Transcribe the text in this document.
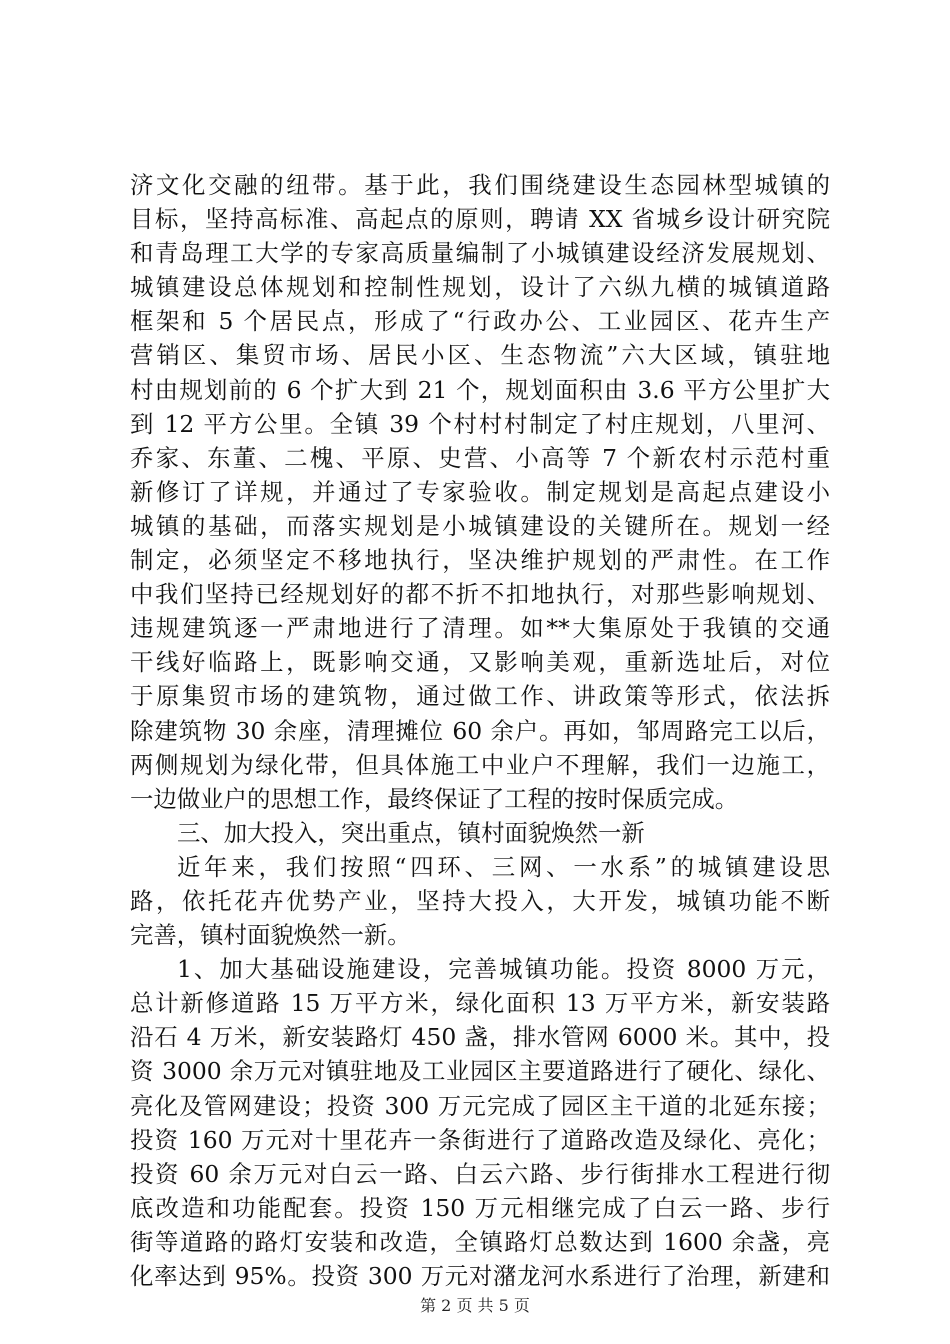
济文化交融的纽带。基于此，我们围绕建设生态园林型城镇的
目标，坚持高标准、高起点的原则，聘请 XX 省城乡设计研究院
和青岛理工大学的专家高质量编制了小城镇建设经济发展规划、
城镇建设总体规划和控制性规划，设计了六纵九横的城镇道路
框架和 5 个居民点，形成了“行政办公、工业园区、花卉生产
营销区、集贸市场、居民小区、生态物流”六大区域，镇驻地
村由规划前的 6 个扩大到 21 个，规划面积由 3.6 平方公里扩大
到 12 平方公里。全镇 39 个村村村制定了村庄规划，八里河、
乔家、东董、二槐、平原、史营、小高等 7 个新农村示范村重
新修订了详规，并通过了专家验收。制定规划是高起点建设小
城镇的基础，而落实规划是小城镇建设的关键所在。规划一经
制定，必须坚定不移地执行，坚决维护规划的严肃性。在工作
中我们坚持已经规划好的都不折不扣地执行，对那些影响规划、
违规建筑逐一严肃地进行了清理。如**大集原处于我镇的交通
干线好临路上，既影响交通，又影响美观，重新选址后，对位
于原集贸市场的建筑物，通过做工作、讲政策等形式，依法拆
除建筑物 30 余座，清理摊位 60 余户。再如，邹周路完工以后，
两侧规划为绿化带，但具体施工中业户不理解，我们一边施工，
一边做业户的思想工作，最终保证了工程的按时保质完成。
三、加大投入，突出重点，镇村面貌焕然一新
近年来，我们按照“四环、三网、一水系”的城镇建设思
路，依托花卉优势产业，坚持大投入，大开发，城镇功能不断
完善，镇村面貌焕然一新。
1、加大基础设施建设，完善城镇功能。投资 8000 万元，
总计新修道路 15 万平方米，绿化面积 13 万平方米，新安装路
沿石 4 万米，新安装路灯 450 盏，排水管网 6000 米。其中，投
资 3000 余万元对镇驻地及工业园区主要道路进行了硬化、绿化、
亮化及管网建设；投资 300 万元完成了园区主干道的北延东接；
投资 160 万元对十里花卉一条街进行了道路改造及绿化、亮化；
投资 60 余万元对白云一路、白云六路、步行街排水工程进行彻
底改造和功能配套。投资 150 万元相继完成了白云一路、步行
街等道路的路灯安装和改造，全镇路灯总数达到 1600 余盏，亮
化率达到 95%。投资 300 万元对潴龙河水系进行了治理，新建和
第 2 页 共 5 页
